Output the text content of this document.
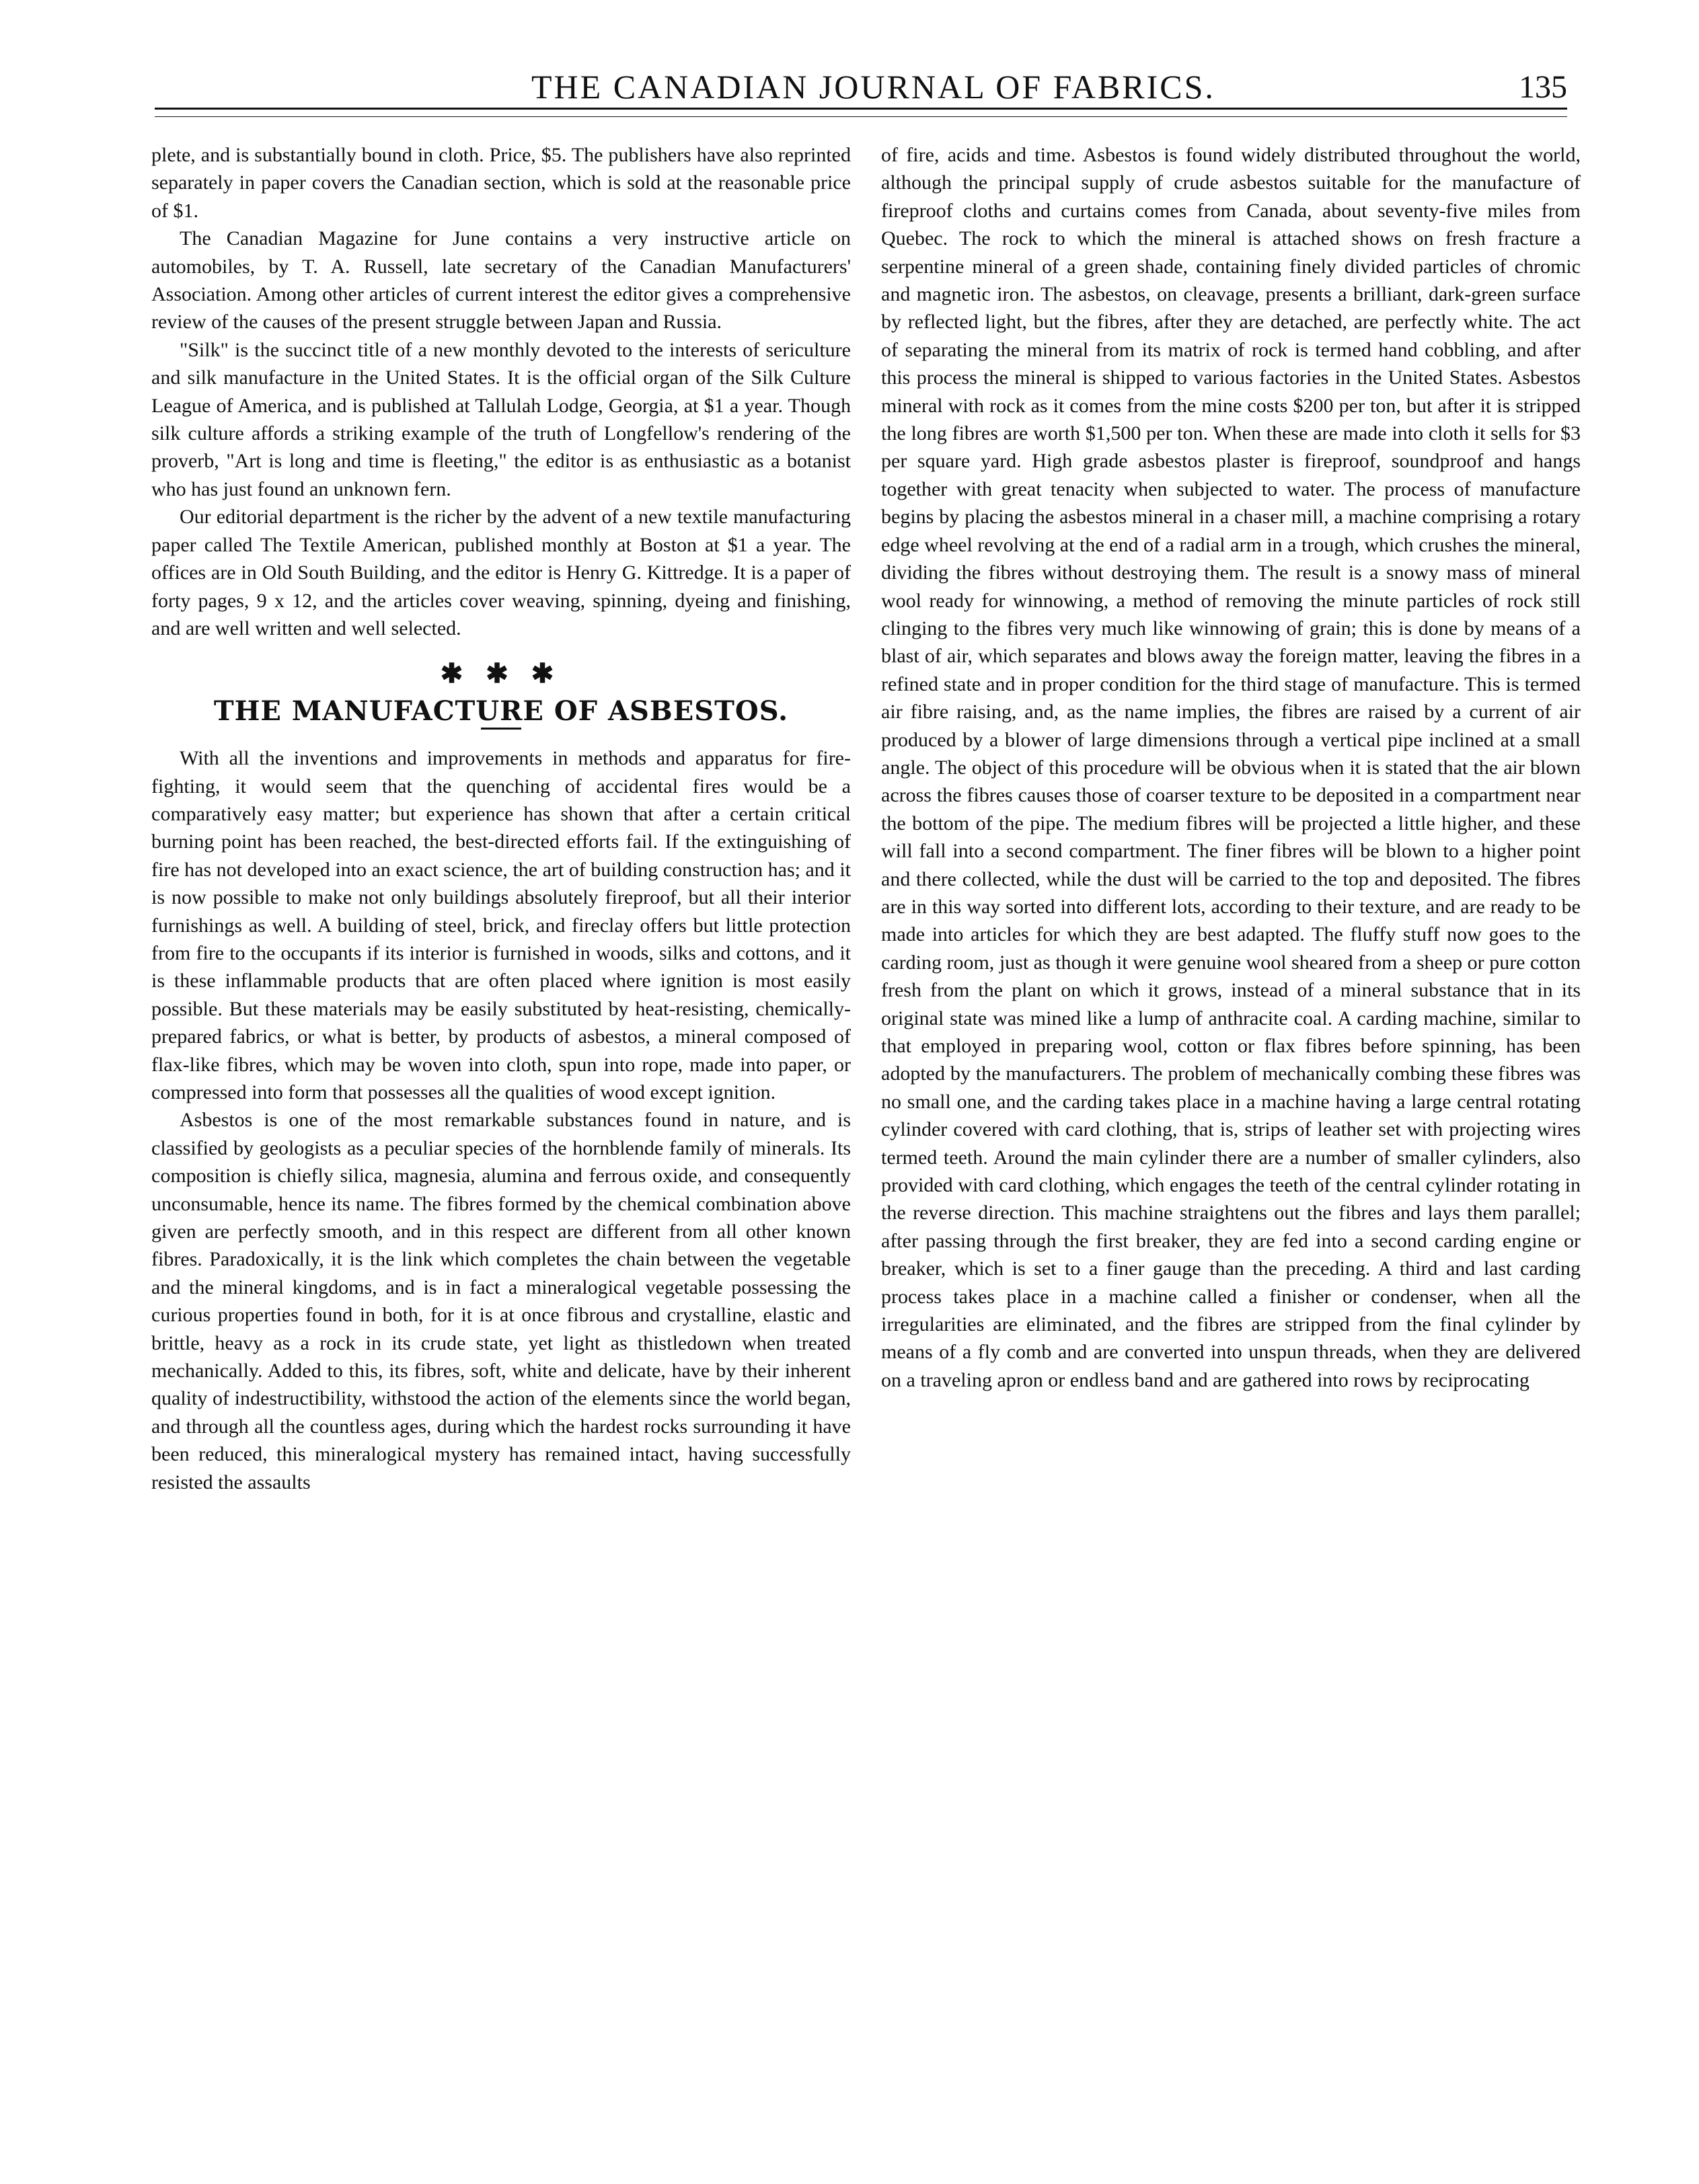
THE CANADIAN JOURNAL OF FABRICS.	135

plete, and is substantially bound in cloth. Price, $5. The publishers have also reprinted separately in paper covers the Canadian section, which is sold at the reasonable price of $1.

The Canadian Magazine for June contains a very instructive article on automobiles, by T. A. Russell, late secretary of the Canadian Manufacturers' Association. Among other articles of current interest the editor gives a comprehensive review of the causes of the present struggle between Japan and Russia.

"Silk" is the succinct title of a new monthly devoted to the interests of sericulture and silk manufacture in the United States. It is the official organ of the Silk Culture League of America, and is published at Tallulah Lodge, Georgia, at $1 a year. Though silk culture affords a striking example of the truth of Longfellow's rendering of the proverb, "Art is long and time is fleeting," the editor is as enthusiastic as a botanist who has just found an unknown fern.

Our editorial department is the richer by the advent of a new textile manufacturing paper called The Textile American, published monthly at Boston at $1 a year. The offices are in Old South Building, and the editor is Henry G. Kittredge. It is a paper of forty pages, 9 x 12, and the articles cover weaving, spinning, dyeing and finishing, and are well written and well selected.

✱ ✱ ✱
THE MANUFACTURE OF ASBESTOS.

With all the inventions and improvements in methods and apparatus for fire-fighting, it would seem that the quenching of accidental fires would be a comparatively easy matter; but experience has shown that after a certain critical burning point has been reached, the best-directed efforts fail. If the extinguishing of fire has not developed into an exact science, the art of building construction has; and it is now possible to make not only buildings absolutely fireproof, but all their interior furnishings as well. A building of steel, brick, and fireclay offers but little protection from fire to the occupants if its interior is furnished in woods, silks and cottons, and it is these inflammable products that are often placed where ignition is most easily possible. But these materials may be easily substituted by heat-resisting, chemically-prepared fabrics, or what is better, by products of asbestos, a mineral composed of flax-like fibres, which may be woven into cloth, spun into rope, made into paper, or compressed into form that possesses all the qualities of wood except ignition.

Asbestos is one of the most remarkable substances found in nature, and is classified by geologists as a peculiar species of the hornblende family of minerals. Its composition is chiefly silica, magnesia, alumina and ferrous oxide, and consequently unconsumable, hence its name. The fibres formed by the chemical combination above given are perfectly smooth, and in this respect are different from all other known fibres. Paradoxically, it is the link which completes the chain between the vegetable and the mineral kingdoms, and is in fact a mineralogical vegetable possessing the curious properties found in both, for it is at once fibrous and crystalline, elastic and brittle, heavy as a rock in its crude state, yet light as thistledown when treated mechanically. Added to this, its fibres, soft, white and delicate, have by their inherent quality of indestructibility, withstood the action of the elements since the world began, and through all the countless ages, during which the hardest rocks surrounding it have been reduced, this mineralogical mystery has remained intact, having successfully resisted the assaults

of fire, acids and time. Asbestos is found widely distributed throughout the world, although the principal supply of crude asbestos suitable for the manufacture of fireproof cloths and curtains comes from Canada, about seventy-five miles from Quebec. The rock to which the mineral is attached shows on fresh fracture a serpentine mineral of a green shade, containing finely divided particles of chromic and magnetic iron. The asbestos, on cleavage, presents a brilliant, dark-green surface by reflected light, but the fibres, after they are detached, are perfectly white. The act of separating the mineral from its matrix of rock is termed hand cobbling, and after this process the mineral is shipped to various factories in the United States. Asbestos mineral with rock as it comes from the mine costs $200 per ton, but after it is stripped the long fibres are worth $1,500 per ton. When these are made into cloth it sells for $3 per square yard. High grade asbestos plaster is fireproof, soundproof and hangs together with great tenacity when subjected to water. The process of manufacture begins by placing the asbestos mineral in a chaser mill, a machine comprising a rotary edge wheel revolving at the end of a radial arm in a trough, which crushes the mineral, dividing the fibres without destroying them. The result is a snowy mass of mineral wool ready for winnowing, a method of removing the minute particles of rock still clinging to the fibres very much like winnowing of grain; this is done by means of a blast of air, which separates and blows away the foreign matter, leaving the fibres in a refined state and in proper condition for the third stage of manufacture. This is termed air fibre raising, and, as the name implies, the fibres are raised by a current of air produced by a blower of large dimensions through a vertical pipe inclined at a small angle. The object of this procedure will be obvious when it is stated that the air blown across the fibres causes those of coarser texture to be deposited in a compartment near the bottom of the pipe. The medium fibres will be projected a little higher, and these will fall into a second compartment. The finer fibres will be blown to a higher point and there collected, while the dust will be carried to the top and deposited. The fibres are in this way sorted into different lots, according to their texture, and are ready to be made into articles for which they are best adapted. The fluffy stuff now goes to the carding room, just as though it were genuine wool sheared from a sheep or pure cotton fresh from the plant on which it grows, instead of a mineral substance that in its original state was mined like a lump of anthracite coal. A carding machine, similar to that employed in preparing wool, cotton or flax fibres before spinning, has been adopted by the manufacturers. The problem of mechanically combing these fibres was no small one, and the carding takes place in a machine having a large central rotating cylinder covered with card clothing, that is, strips of leather set with projecting wires termed teeth. Around the main cylinder there are a number of smaller cylinders, also provided with card clothing, which engages the teeth of the central cylinder rotating in the reverse direction. This machine straightens out the fibres and lays them parallel; after passing through the first breaker, they are fed into a second carding engine or breaker, which is set to a finer gauge than the preceding. A third and last carding process takes place in a machine called a finisher or condenser, when all the irregularities are eliminated, and the fibres are stripped from the final cylinder by means of a fly comb and are converted into unspun threads, when they are delivered on a traveling apron or endless band and are gathered into rows by reciprocating
